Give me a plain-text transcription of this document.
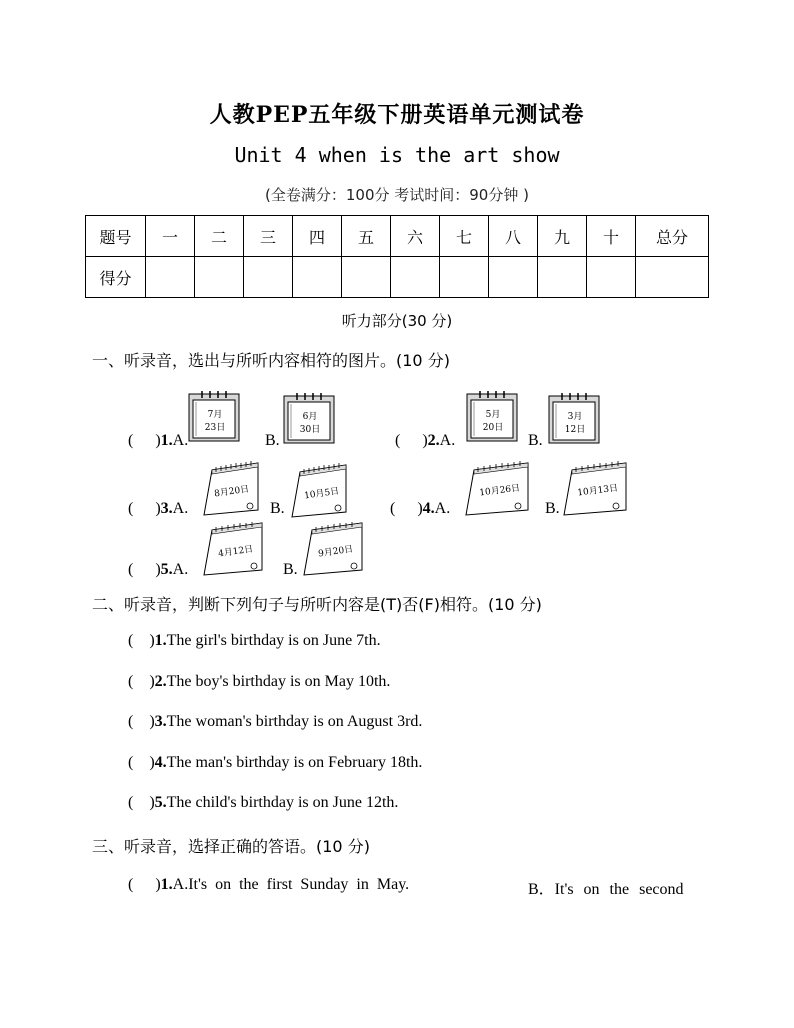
人教PEP五年级下册英语单元测试卷
Unit 4 when is the art show
(全卷满分：100分 考试时间：90分钟 )
题号	一	二	三	四	五	六	七	八	九	十	总分
得分											
听力部分(30 分)
一、听录音，选出与所听内容相符的图片。(10 分)
( )1.A.	B.	( )2.A.	B.
( )3.A.	B.	( )4.A.	B.
( )5.A.	B.
7月
23日
6月
30日
5月
20日
3月
12日
8月20日	10月5日	10月26日	10月13日
4月12日	9月20日
二、听录音，判断下列句子与所听内容是(T)否(F)相符。(10 分)
( )1.The girl's birthday is on June 7th.
( )2.The boy's birthday is on May 10th.
( )3.The woman's birthday is on August 3rd.
( )4.The man's birthday is on February 18th.
( )5.The child's birthday is on June 12th.
三、听录音，选择正确的答语。(10 分)
( )1.A.It's on the first Sunday in May.	B．It's on the second
